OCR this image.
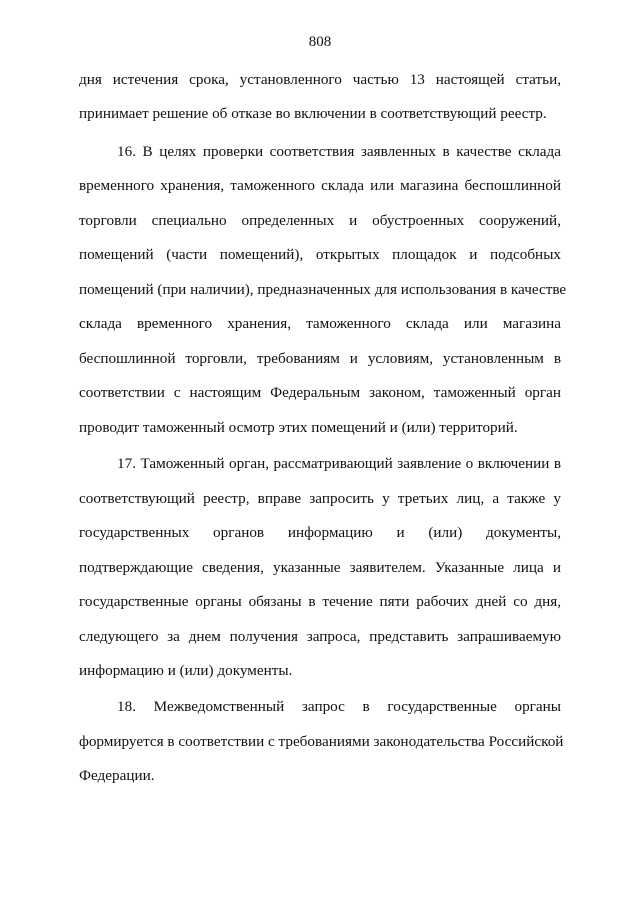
808
дня истечения срока, установленного частью 13 настоящей статьи,
принимает решение об отказе во включении в соответствующий реестр.
16. В целях проверки соответствия заявленных в качестве склада
временного хранения, таможенного склада или магазина беспошлинной
торговли специально определенных и обустроенных сооружений,
помещений (части помещений), открытых площадок и подсобных
помещений (при наличии), предназначенных для использования в качестве
склада временного хранения, таможенного склада или магазина
беспошлинной торговли, требованиям и условиям, установленным в
соответствии с настоящим Федеральным законом, таможенный орган
проводит таможенный осмотр этих помещений и (или) территорий.
17. Таможенный орган, рассматривающий заявление о включении в
соответствующий реестр, вправе запросить у третьих лиц, а также у
государственных органов информацию и (или) документы,
подтверждающие сведения, указанные заявителем. Указанные лица и
государственные органы обязаны в течение пяти рабочих дней со дня,
следующего за днем получения запроса, представить запрашиваемую
информацию и (или) документы.
18. Межведомственный запрос в государственные органы
формируется в соответствии с требованиями законодательства Российской
Федерации.
